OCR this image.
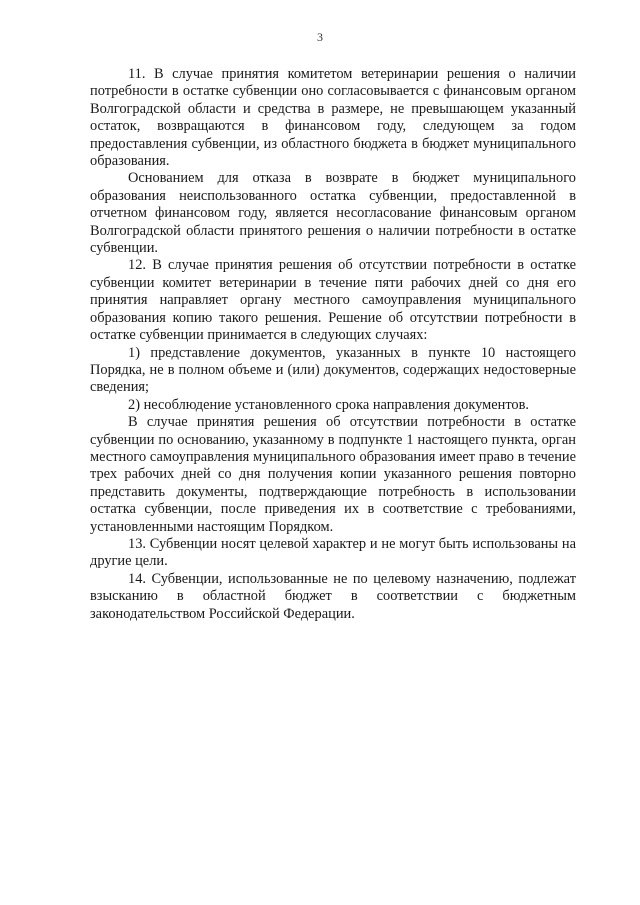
3

11. В случае принятия комитетом ветеринарии решения о наличии потребности в остатке субвенции оно согласовывается с финансовым органом Волгоградской области и средства в размере, не превышающем указанный остаток, возвращаются в финансовом году, следующем за годом предоставления субвенции, из областного бюджета в бюджет муниципального образования.

Основанием для отказа в возврате в бюджет муниципального образования неиспользованного остатка субвенции, предоставленной в отчетном финансовом году, является несогласование финансовым органом Волгоградской области принятого решения о наличии потребности в остатке субвенции.

12. В случае принятия решения об отсутствии потребности в остатке субвенции комитет ветеринарии в течение пяти рабочих дней со дня его принятия направляет органу местного самоуправления муниципального образования копию такого решения. Решение об отсутствии потребности в остатке субвенции принимается в следующих случаях:

1) представление документов, указанных в пункте 10 настоящего Порядка, не в полном объеме и (или) документов, содержащих недостоверные сведения;

2) несоблюдение установленного срока направления документов.

В случае принятия решения об отсутствии потребности в остатке субвенции по основанию, указанному в подпункте 1 настоящего пункта, орган местного самоуправления муниципального образования имеет право в течение трех рабочих дней со дня получения копии указанного решения повторно представить документы, подтверждающие потребность в использовании остатка субвенции, после приведения их в соответствие с требованиями, установленными настоящим Порядком.

13. Субвенции носят целевой характер и не могут быть использованы на другие цели.

14. Субвенции, использованные не по целевому назначению, подлежат взысканию в областной бюджет в соответствии с бюджетным законодательством Российской Федерации.
